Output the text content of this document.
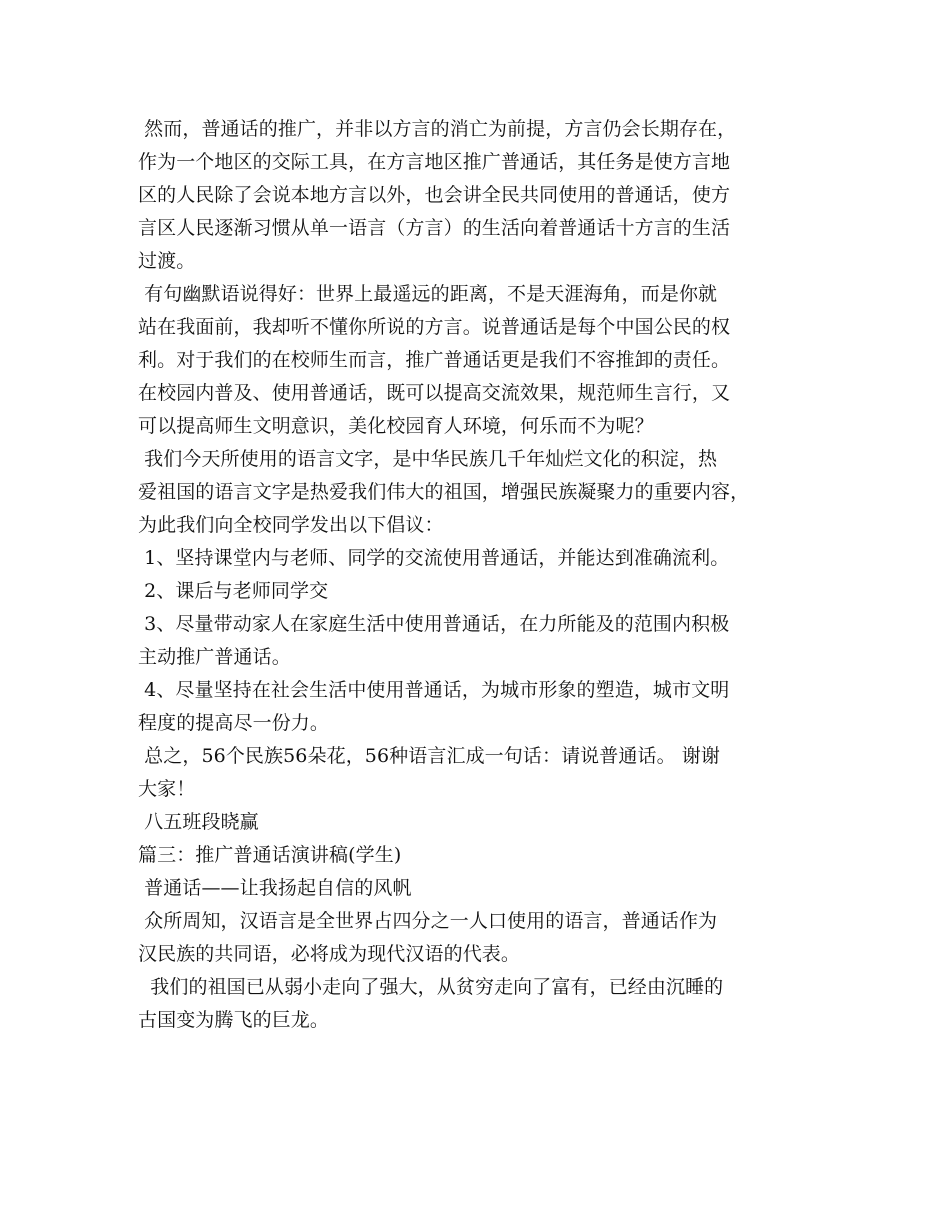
然而，普通话的推广，并非以方言的消亡为前提，方言仍会长期存在，
作为一个地区的交际工具，在方言地区推广普通话，其任务是使方言地
区的人民除了会说本地方言以外，也会讲全民共同使用的普通话，使方
言区人民逐渐习惯从单一语言（方言）的生活向着普通话十方言的生活
过渡。
有句幽默语说得好：世界上最遥远的距离，不是天涯海角，而是你就
站在我面前，我却听不懂你所说的方言。说普通话是每个中国公民的权
利。对于我们的在校师生而言，推广普通话更是我们不容推卸的责任。
在校园内普及、使用普通话，既可以提高交流效果，规范师生言行，又
可以提高师生文明意识，美化校园育人环境，何乐而不为呢？
我们今天所使用的语言文字，是中华民族几千年灿烂文化的积淀，热
爱祖国的语言文字是热爱我们伟大的祖国，增强民族凝聚力的重要内容，
为此我们向全校同学发出以下倡议：
1、坚持课堂内与老师、同学的交流使用普通话，并能达到准确流利。
2、课后与老师同学交
3、尽量带动家人在家庭生活中使用普通话，在力所能及的范围内积极
主动推广普通话。
4、尽量坚持在社会生活中使用普通话，为城市形象的塑造，城市文明
程度的提高尽一份力。
总之，56个民族56朵花，56种语言汇成一句话：请说普通话。 谢谢
大家！
八五班段晓赢
篇三：推广普通话演讲稿(学生)
普通话——让我扬起自信的风帆
众所周知，汉语言是全世界占四分之一人口使用的语言，普通话作为
汉民族的共同语，必将成为现代汉语的代表。
我们的祖国已从弱小走向了强大，从贫穷走向了富有，已经由沉睡的
古国变为腾飞的巨龙。
